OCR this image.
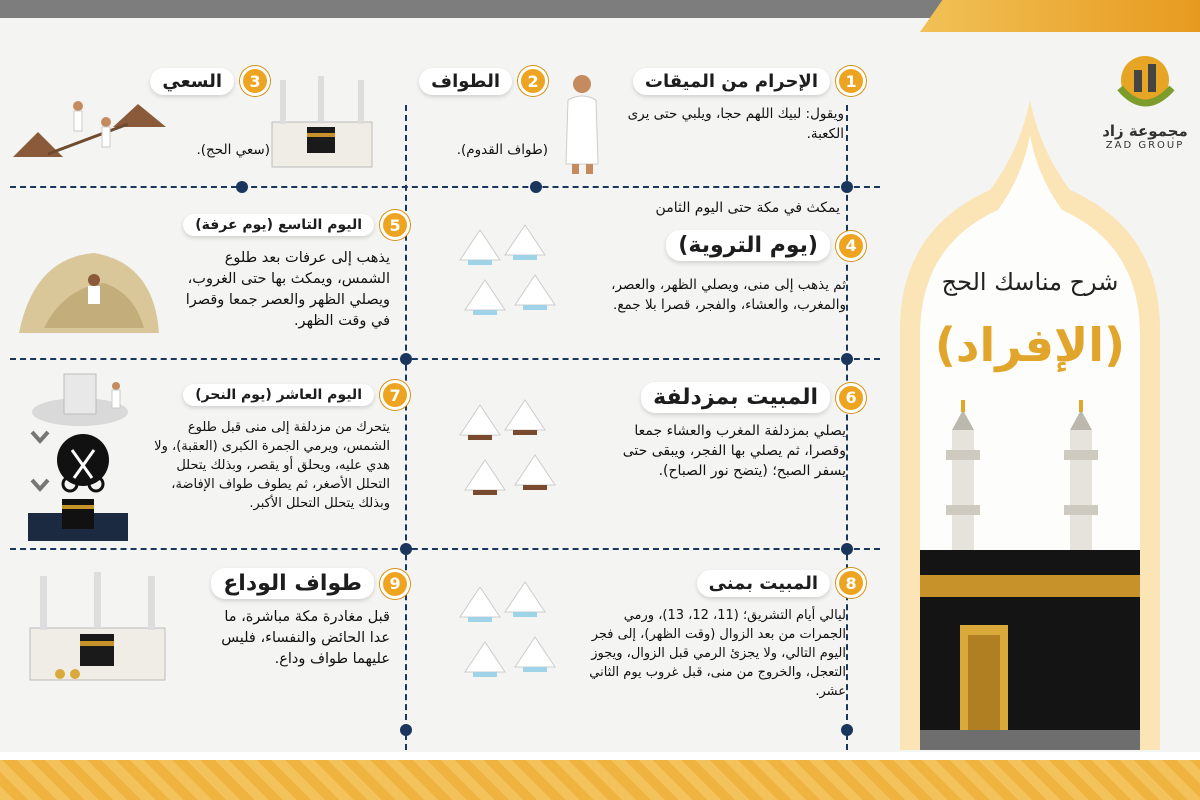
شرح مناسك الحج
(الإفراد)
مجموعة زاد
ZAD GROUP
1
الإحرام من الميقات
ويقول: لبيك اللهم حجا، ويلبي حتى يرى الكعبة.
2
الطواف
(طواف القدوم).
3
السعي
(سعي الحج).
يمكث في مكة حتى اليوم الثامن
4
(يوم التروية)
ثم يذهب إلى منى، ويصلي الظهر، والعصر، والمغرب، والعشاء، والفجر، قصرا بلا جمع.
5
اليوم التاسع (يوم عرفة)
يذهب إلى عرفات بعد طلوع الشمس، ويمكث بها حتى الغروب، ويصلي الظهر والعصر جمعا وقصرا في وقت الظهر.
6
المبيت بمزدلفة
يصلي بمزدلفة المغرب والعشاء جمعا وقصرا، ثم يصلي بها الفجر، ويبقى حتى يسفر الصبح؛ (يتضح نور الصباح).
7
اليوم العاشر (يوم النحر)
يتحرك من مزدلفة إلى منى قبل طلوع الشمس، ويرمي الجمرة الكبرى (العقبة)، ولا هدي عليه، ويحلق أو يقصر، وبذلك يتحلل التحلل الأصغر، ثم يطوف طواف الإفاضة، وبذلك يتحلل التحلل الأكبر.
8
المبيت بمنى
ليالي أيام التشريق؛ (11، 12، 13)، ورمي الجمرات من بعد الزوال (وقت الظهر)، إلى فجر اليوم التالي، ولا يجزئ الرمي قبل الزوال، ويجوز التعجل، والخروج من منى، قبل غروب يوم الثاني عشر.
9
طواف الوداع
قبل مغادرة مكة مباشرة، ما عدا الحائض والنفساء، فليس عليهما طواف وداع.
